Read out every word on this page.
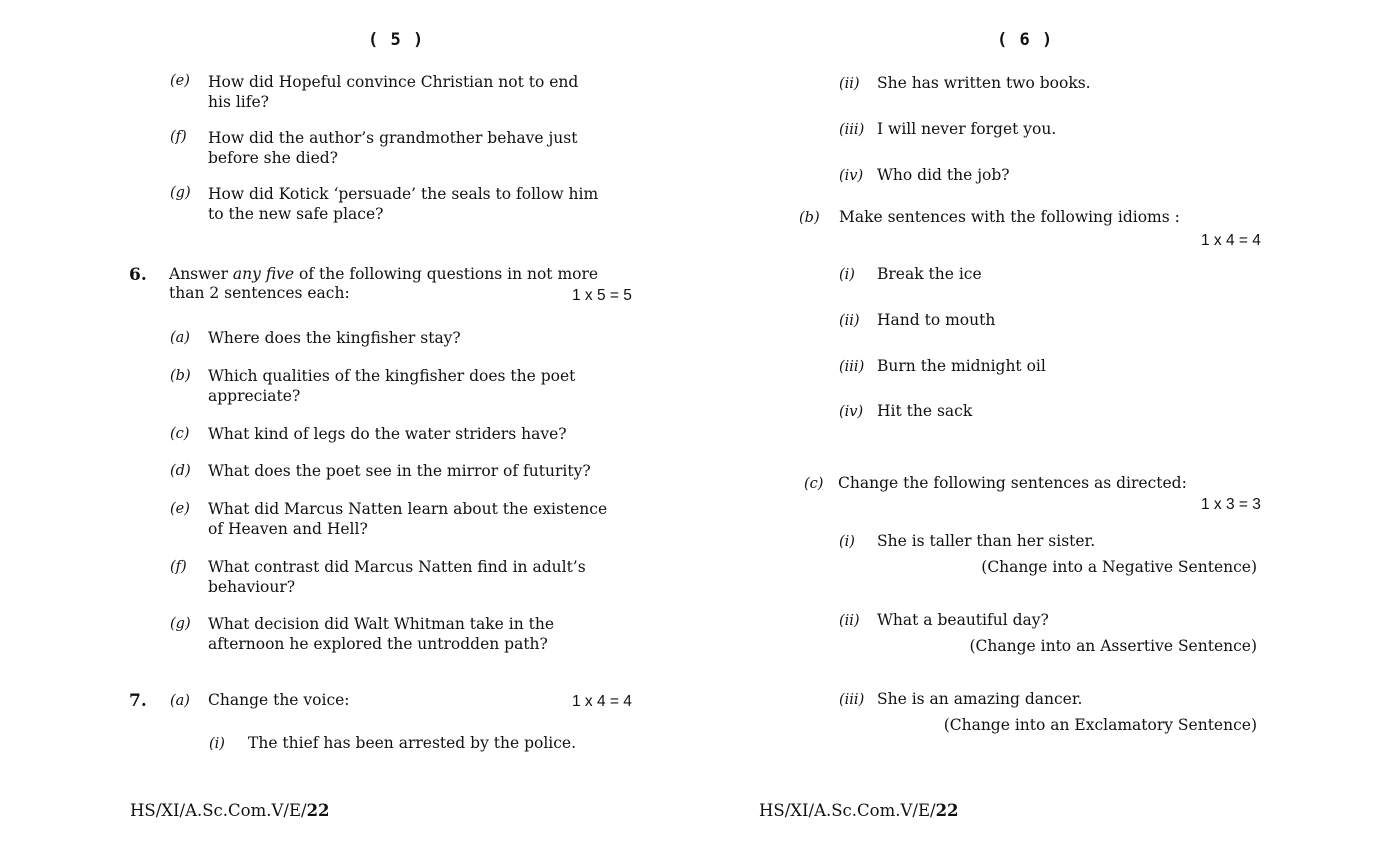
( 5 )
(e) How did Hopeful convince Christian not to end
his life?
(f) How did the author’s grandmother behave just
before she died?
(g) How did Kotick ‘persuade’ the seals to follow him
to the new safe place?
6. Answer any five of the following questions in not more
than 2 sentences each:	1 x 5 = 5
(a) Where does the kingfisher stay?
(b) Which qualities of the kingfisher does the poet
appreciate?
(c) What kind of legs do the water striders have?
(d) What does the poet see in the mirror of futurity?
(e) What did Marcus Natten learn about the existence
of Heaven and Hell?
(f) What contrast did Marcus Natten find in adult’s
behaviour?
(g) What decision did Walt Whitman take in the
afternoon he explored the untrodden path?
7. (a) Change the voice:	1 x 4 = 4
(i) The thief has been arrested by the police.
HS/XI/A.Sc.Com.V/E/22
( 6 )
(ii) She has written two books.
(iii) I will never forget you.
(iv) Who did the job?
(b) Make sentences with the following idioms :
1 x 4 = 4
(i) Break the ice
(ii) Hand to mouth
(iii) Burn the midnight oil
(iv) Hit the sack
(c) Change the following sentences as directed:
1 x 3 = 3
(i) She is taller than her sister.
(Change into a Negative Sentence)
(ii) What a beautiful day?
(Change into an Assertive Sentence)
(iii) She is an amazing dancer.
(Change into an Exclamatory Sentence)
HS/XI/A.Sc.Com.V/E/22
